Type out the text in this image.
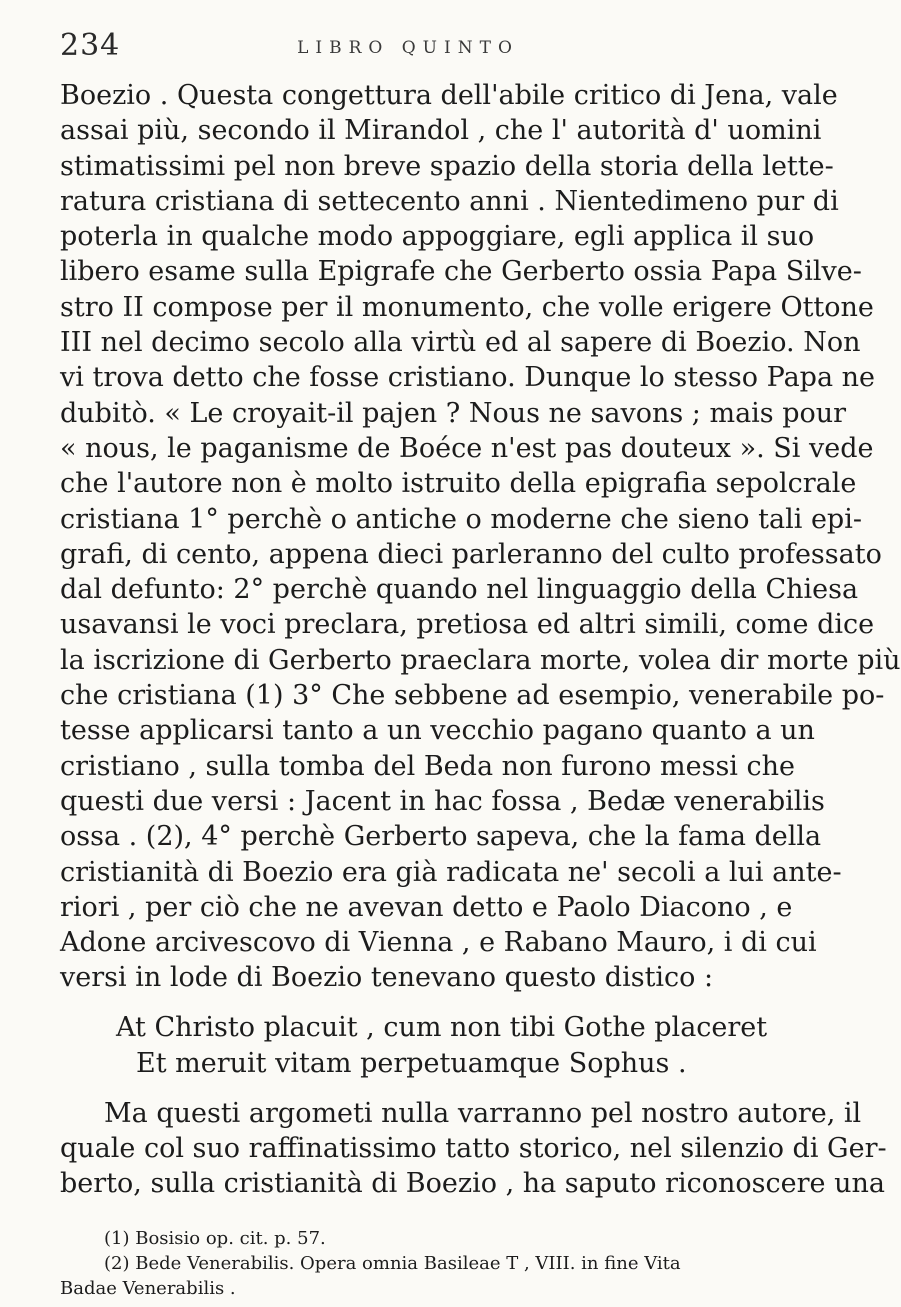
234	LIBRO QUINTO
Boezio . Questa congettura dell'abile critico di Jena, vale
assai più, secondo il Mirandol , che l' autorità d' uomini
stimatissimi pel non breve spazio della storia della lette-
ratura cristiana di settecento anni . Nientedimeno pur di
poterla in qualche modo appoggiare, egli applica il suo
libero esame sulla Epigrafe che Gerberto ossia Papa Silve-
stro II compose per il monumento, che volle erigere Ottone
III nel decimo secolo alla virtù ed al sapere di Boezio. Non
vi trova detto che fosse cristiano. Dunque lo stesso Papa ne
dubitò. « Le croyait-il pajen ? Nous ne savons ; mais pour
« nous, le paganisme de Boéce n'est pas douteux ». Si vede
che l'autore non è molto istruito della epigrafia sepolcrale
cristiana 1° perchè o antiche o moderne che sieno tali epi-
grafi, di cento, appena dieci parleranno del culto professato
dal defunto: 2° perchè quando nel linguaggio della Chiesa
usavansi le voci preclara, pretiosa ed altri simili, come dice
la iscrizione di Gerberto praeclara morte, volea dir morte più
che cristiana (1) 3° Che sebbene ad esempio, venerabile po-
tesse applicarsi tanto a un vecchio pagano quanto a un
cristiano , sulla tomba del Beda non furono messi che
questi due versi : Jacent in hac fossa , Bedæ venerabilis
ossa . (2), 4° perchè Gerberto sapeva, che la fama della
cristianità di Boezio era già radicata ne' secoli a lui ante-
riori , per ciò che ne avevan detto e Paolo Diacono , e
Adone arcivescovo di Vienna , e Rabano Mauro, i di cui
versi in lode di Boezio tenevano questo distico :
At Christo placuit , cum non tibi Gothe placeret
Et meruit vitam perpetuamque Sophus .
Ma questi argometi nulla varranno pel nostro autore, il
quale col suo raffinatissimo tatto storico, nel silenzio di Ger-
berto, sulla cristianità di Boezio , ha saputo riconoscere una
(1) Bosisio op. cit. p. 57.
(2) Bede Venerabilis. Opera omnia Basileae T , VIII. in fine Vita
Badae Venerabilis .
